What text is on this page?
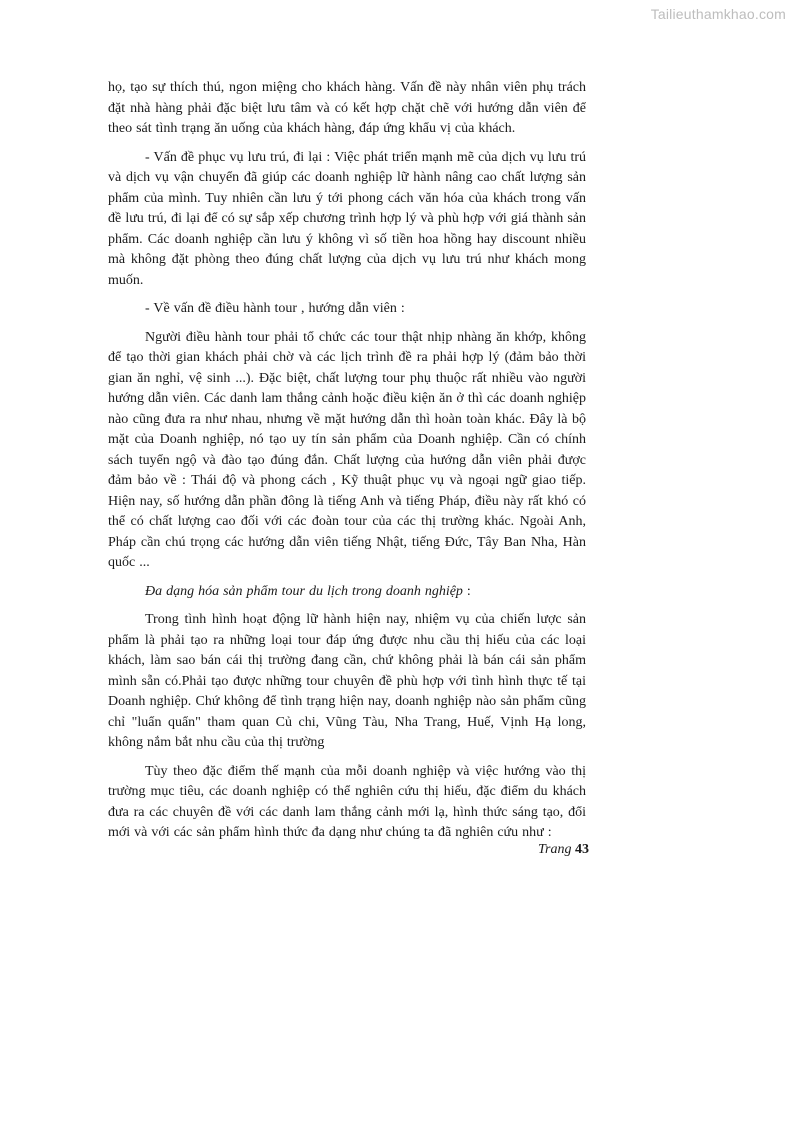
Tailieuthamkhao.com

họ, tạo sự thích thú, ngon miệng cho khách hàng. Vấn đề này nhân viên phụ trách đặt nhà hàng phải đặc biệt lưu tâm và có kết hợp chặt chẽ với hướng dẫn viên để theo sát tình trạng ăn uống của khách hàng, đáp ứng khẩu vị của khách.

- Vấn đề phục vụ lưu trú, đi lại : Việc phát triển mạnh mẽ của dịch vụ lưu trú và dịch vụ vận chuyển đã giúp các doanh nghiệp lữ hành nâng cao chất lượng sản phẩm của mình. Tuy nhiên cần lưu ý tới phong cách văn hóa của khách trong vấn đề lưu trú, đi lại để có sự sắp xếp chương trình hợp lý và phù hợp với giá thành sản phẩm. Các doanh nghiệp cần lưu ý không vì số tiền hoa hồng hay discount nhiều mà không đặt phòng theo đúng chất lượng của dịch vụ lưu trú như khách mong muốn.

- Về vấn đề điều hành tour , hướng dẫn viên :

Người điều hành tour phải tổ chức các tour thật nhịp nhàng ăn khớp, không để tạo thời gian khách phải chờ và các lịch trình đề ra phải hợp lý (đảm bảo thời gian ăn nghỉ, vệ sinh ...). Đặc biệt, chất lượng tour phụ thuộc rất nhiều vào người hướng dẫn viên. Các danh lam thắng cảnh hoặc điều kiện ăn ở thì các doanh nghiệp nào cũng đưa ra như nhau, nhưng về mặt hướng dẫn thì hoàn toàn khác. Đây là bộ mặt của Doanh nghiệp, nó tạo uy tín sản phẩm của Doanh nghiệp. Cần có chính sách tuyển ngộ và đào tạo đúng đắn. Chất lượng của hướng dẫn viên phải được đảm bảo về : Thái độ và phong cách , Kỹ thuật phục vụ và ngoại ngữ giao tiếp. Hiện nay, số hướng dẫn phần đông là tiếng Anh và tiếng Pháp, điều này rất khó có thể có chất lượng cao đối với các đoàn tour của các thị trường khác. Ngoài Anh, Pháp cần chú trọng các hướng dẫn viên tiếng Nhật, tiếng Đức, Tây Ban Nha, Hàn quốc ...

Đa dạng hóa sản phẩm tour du lịch trong doanh nghiệp :

Trong tình hình hoạt động lữ hành hiện nay, nhiệm vụ của chiến lược sản phẩm là phải tạo ra những loại tour đáp ứng được nhu cầu thị hiếu của các loại khách, làm sao bán cái thị trường đang cần, chứ không phải là bán cái sản phẩm mình sẵn có.Phải tạo được những tour chuyên đề phù hợp với tình hình thực tế tại Doanh nghiệp. Chứ không để tình trạng hiện nay, doanh nghiệp nào sản phẩm cũng chỉ "luẩn quẩn" tham quan Củ chi, Vũng Tàu, Nha Trang, Huế, Vịnh Hạ long, không nắm bắt nhu cầu của thị trường

Tùy theo đặc điểm thế mạnh của mỗi doanh nghiệp và việc hướng vào thị trường mục tiêu, các doanh nghiệp có thể nghiên cứu thị hiếu, đặc điểm du khách đưa ra các chuyên đề với các danh lam thắng cảnh mới lạ, hình thức sáng tạo, đổi mới và với các sản phẩm hình thức đa dạng như chúng ta đã nghiên cứu như :

Trang 43
